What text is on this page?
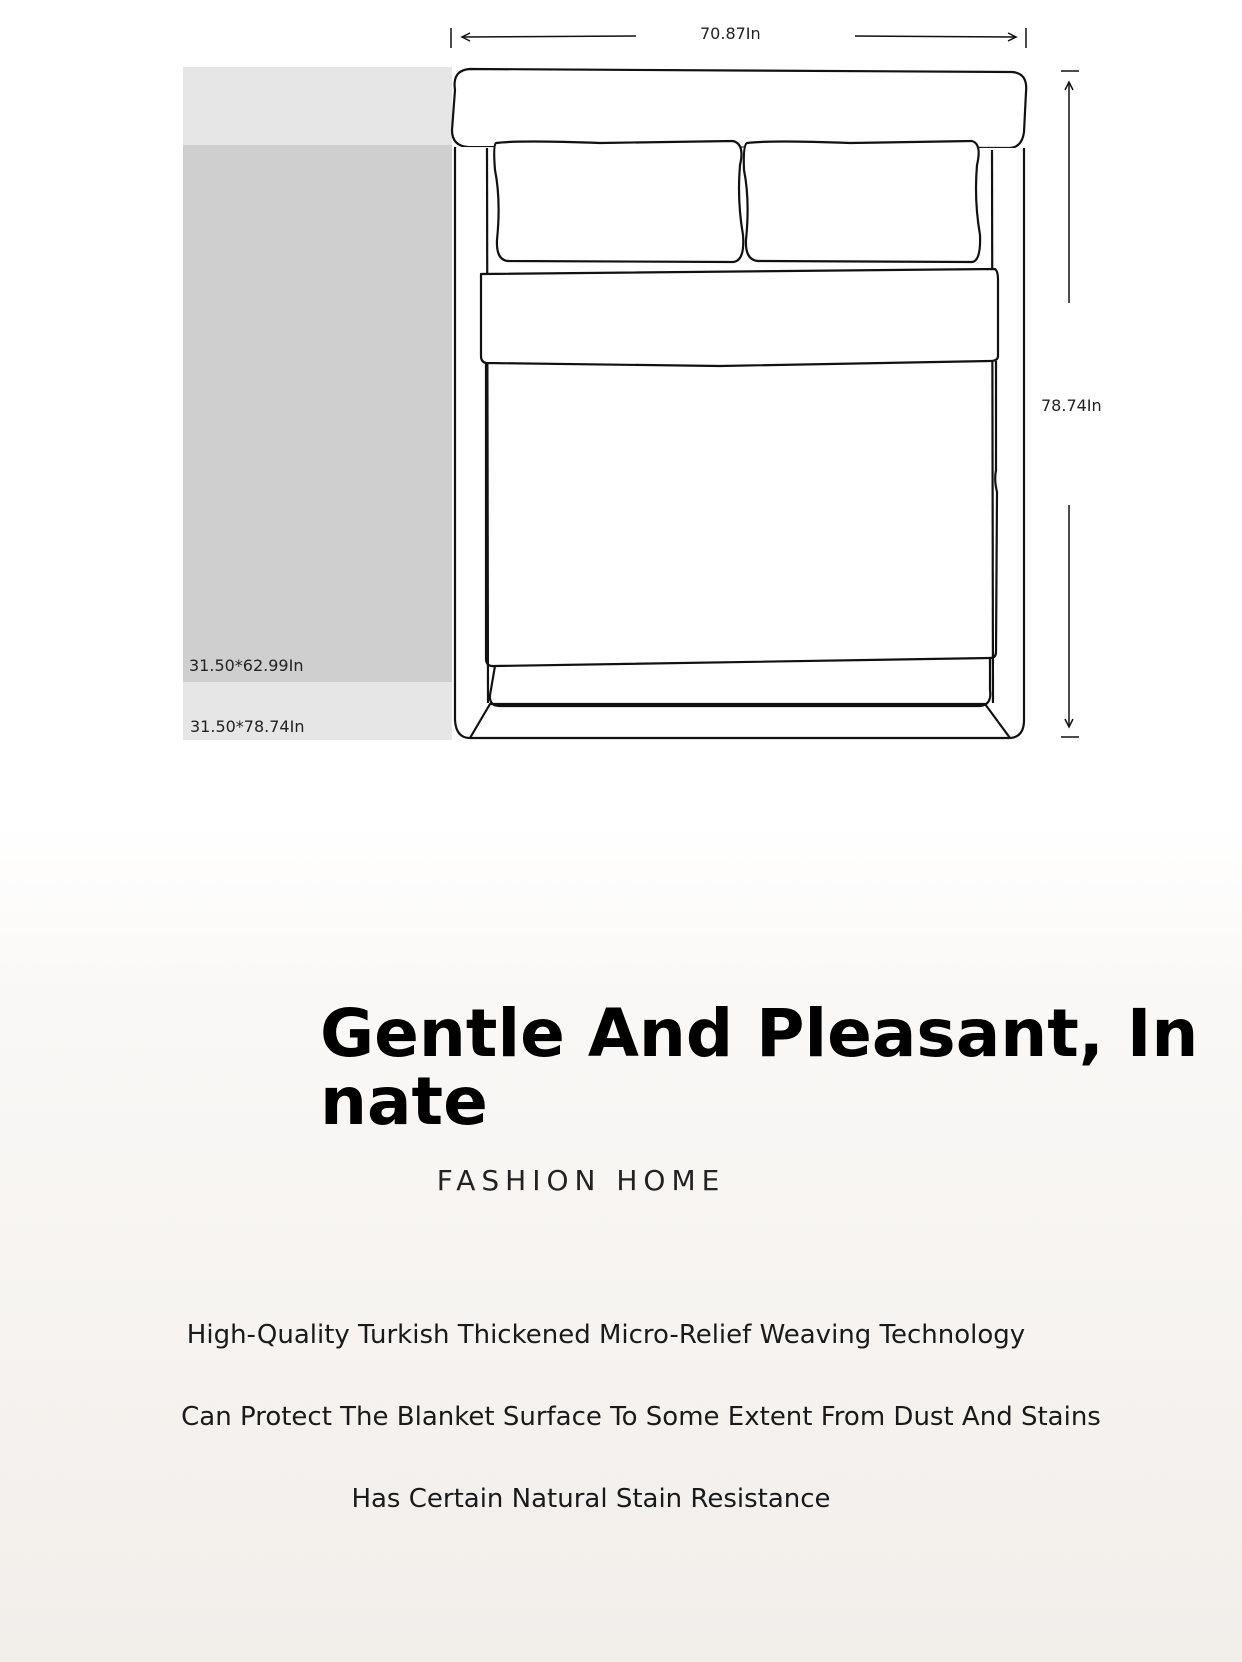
70.87In
78.74In
31.50*62.99In
31.50*78.74In
Gentle And Pleasant, Innate
FASHION HOME
High-Quality Turkish Thickened Micro-Relief Weaving Technology
Can Protect The Blanket Surface To Some Extent From Dust And Stains
Has Certain Natural Stain Resistance
